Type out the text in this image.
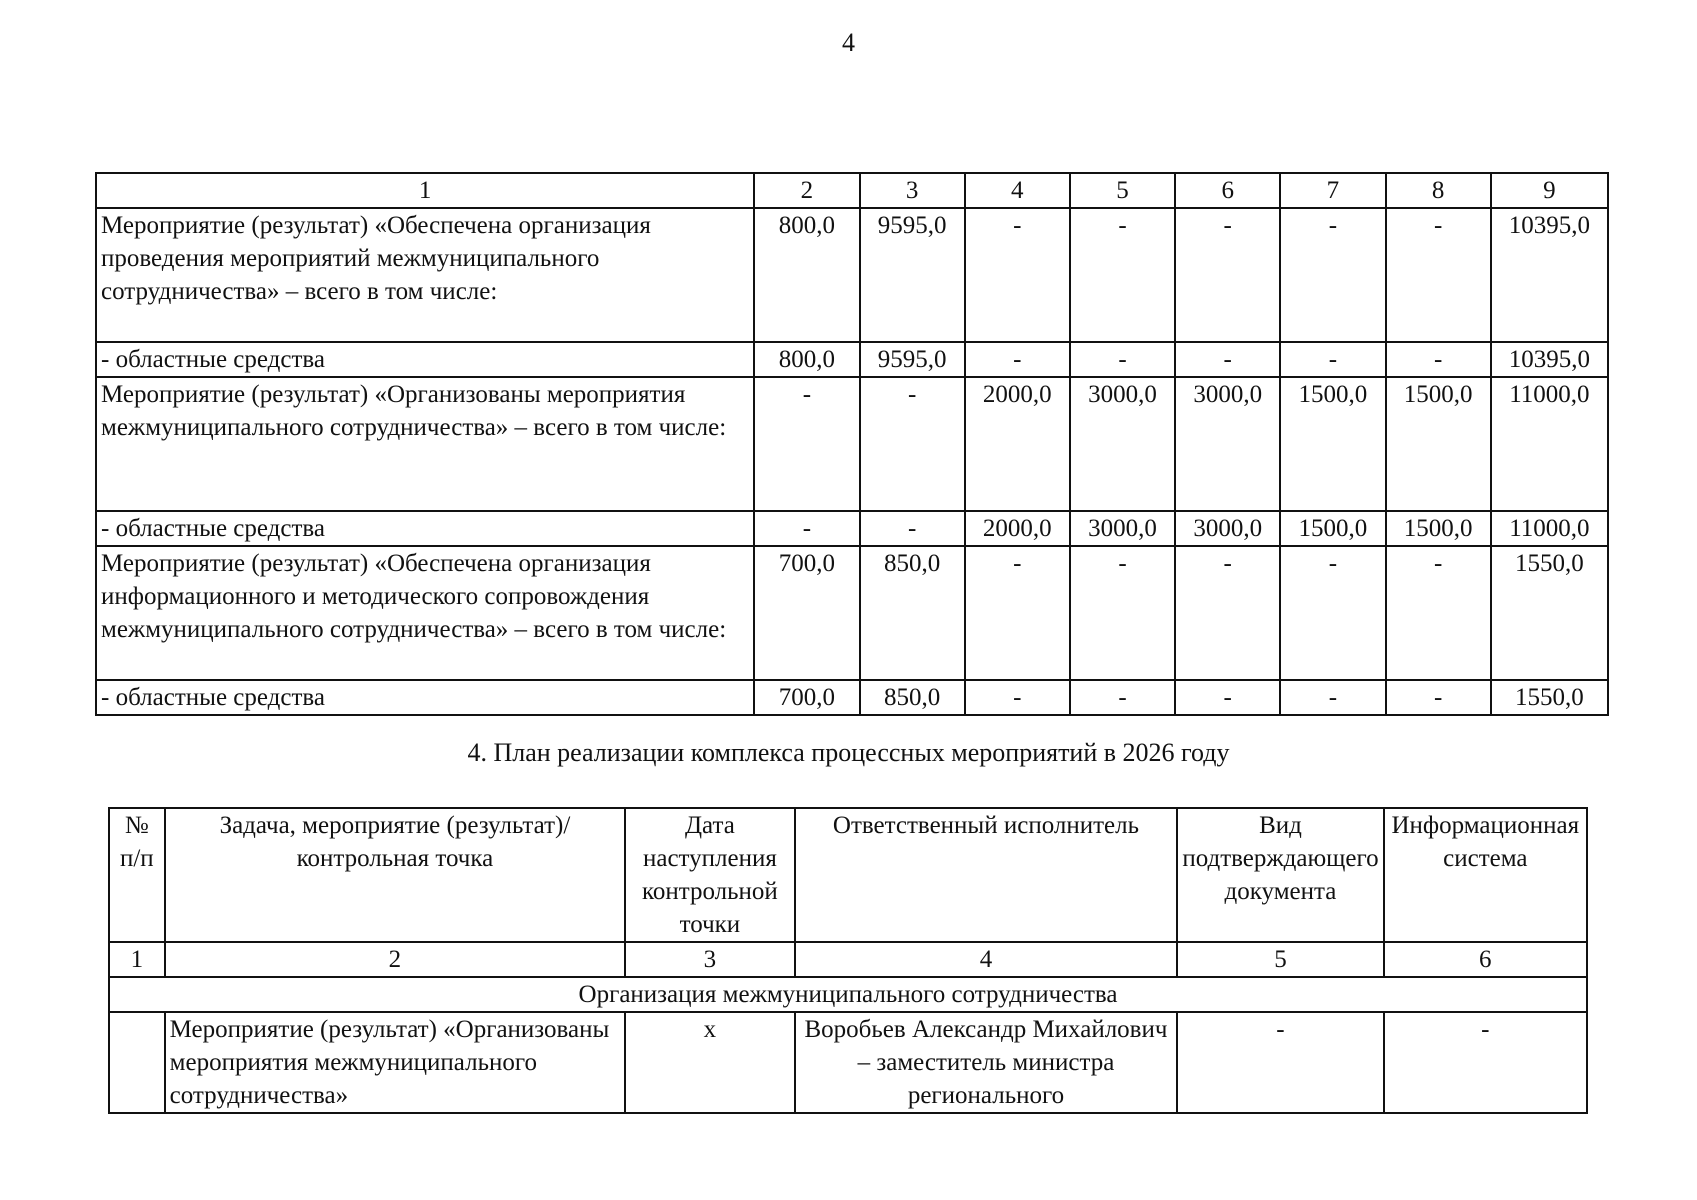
4
1	2	3	4	5	6	7	8	9
Мероприятие (результат) «Обеспечена организация проведения мероприятий межмуниципального сотрудничества» – всего в том числе:	800,0	9595,0	-	-	-	-	-	10395,0
- областные средства	800,0	9595,0	-	-	-	-	-	10395,0
Мероприятие (результат) «Организованы мероприятия межмуниципального сотрудничества» – всего в том числе:	-	-	2000,0	3000,0	3000,0	1500,0	1500,0	11000,0
- областные средства	-	-	2000,0	3000,0	3000,0	1500,0	1500,0	11000,0
Мероприятие (результат) «Обеспечена организация информационного и методического сопровождения межмуниципального сотрудничества» – всего в том числе:	700,0	850,0	-	-	-	-	-	1550,0
- областные средства	700,0	850,0	-	-	-	-	-	1550,0
4. План реализации комплекса процессных мероприятий в 2026 году
№ п/п	Задача, мероприятие (результат)/ контрольная точка	Дата наступления контрольной точки	Ответственный исполнитель	Вид подтверждающего документа	Информационная система
1	2	3	4	5	6
Организация межмуниципального сотрудничества					
	Мероприятие (результат) «Организованы мероприятия межмуниципального сотрудничества»	х	Воробьев Александр Михайлович – заместитель министра регионального	-	-
